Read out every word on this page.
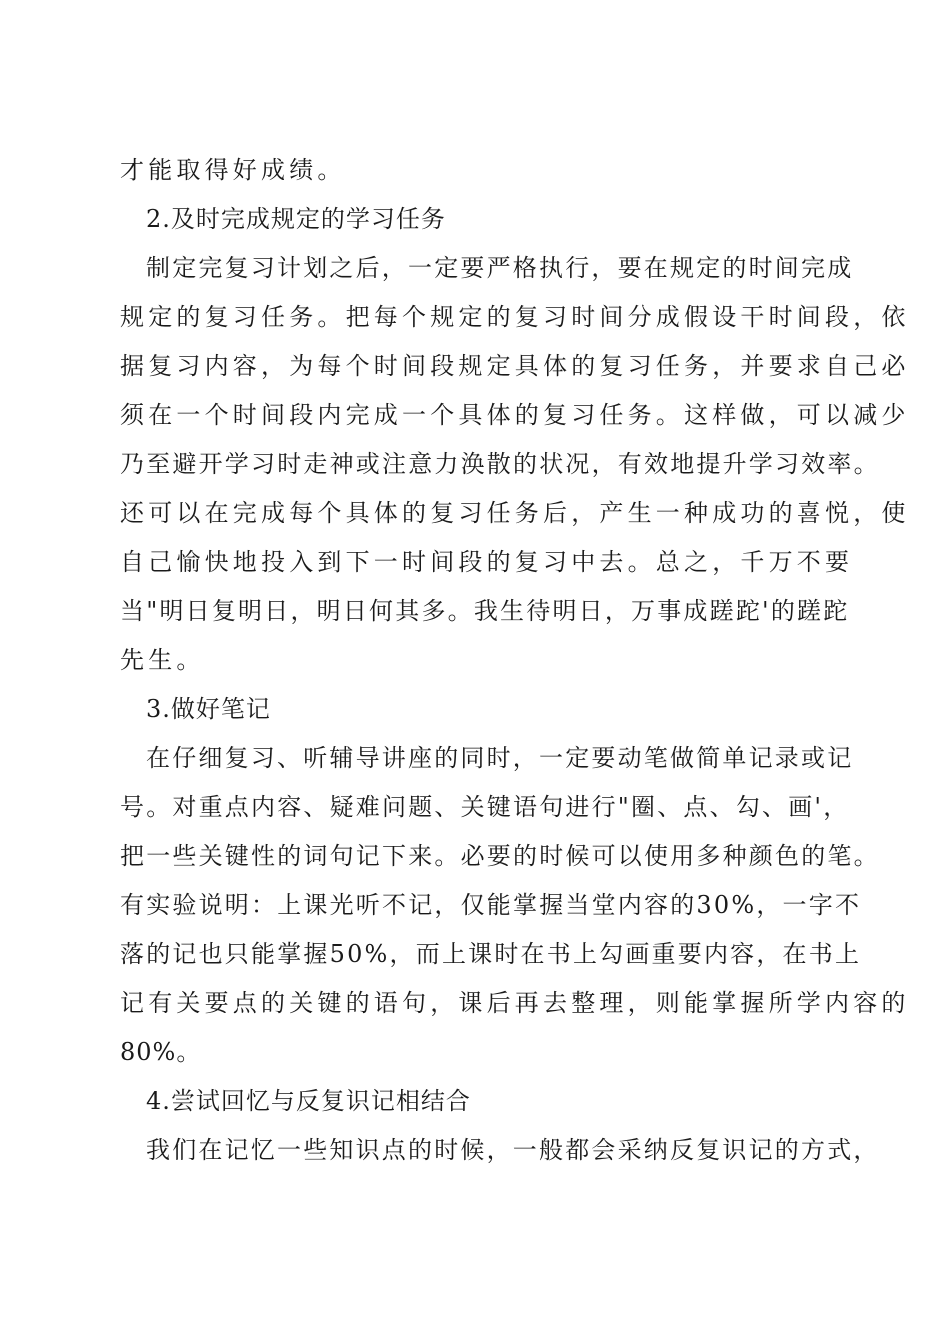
才能取得好成绩。
2.及时完成规定的学习任务
制定完复习计划之后，一定要严格执行，要在规定的时间完成
规定的复习任务。把每个规定的复习时间分成假设干时间段，依
据复习内容，为每个时间段规定具体的复习任务，并要求自己必
须在一个时间段内完成一个具体的复习任务。这样做，可以减少
乃至避开学习时走神或注意力涣散的状况，有效地提升学习效率。
还可以在完成每个具体的复习任务后，产生一种成功的喜悦，使
自己愉快地投入到下一时间段的复习中去。总之，千万不要
当"明日复明日，明日何其多。我生待明日，万事成蹉跎'的蹉跎
先生。
3.做好笔记
在仔细复习、听辅导讲座的同时，一定要动笔做简单记录或记
号。对重点内容、疑难问题、关键语句进行"圈、点、勾、画'，
把一些关键性的词句记下来。必要的时候可以使用多种颜色的笔。
有实验说明：上课光听不记，仅能掌握当堂内容的30%，一字不
落的记也只能掌握50%，而上课时在书上勾画重要内容，在书上
记有关要点的关键的语句，课后再去整理，则能掌握所学内容的
80%。
4.尝试回忆与反复识记相结合
我们在记忆一些知识点的时候，一般都会采纳反复识记的方式，
